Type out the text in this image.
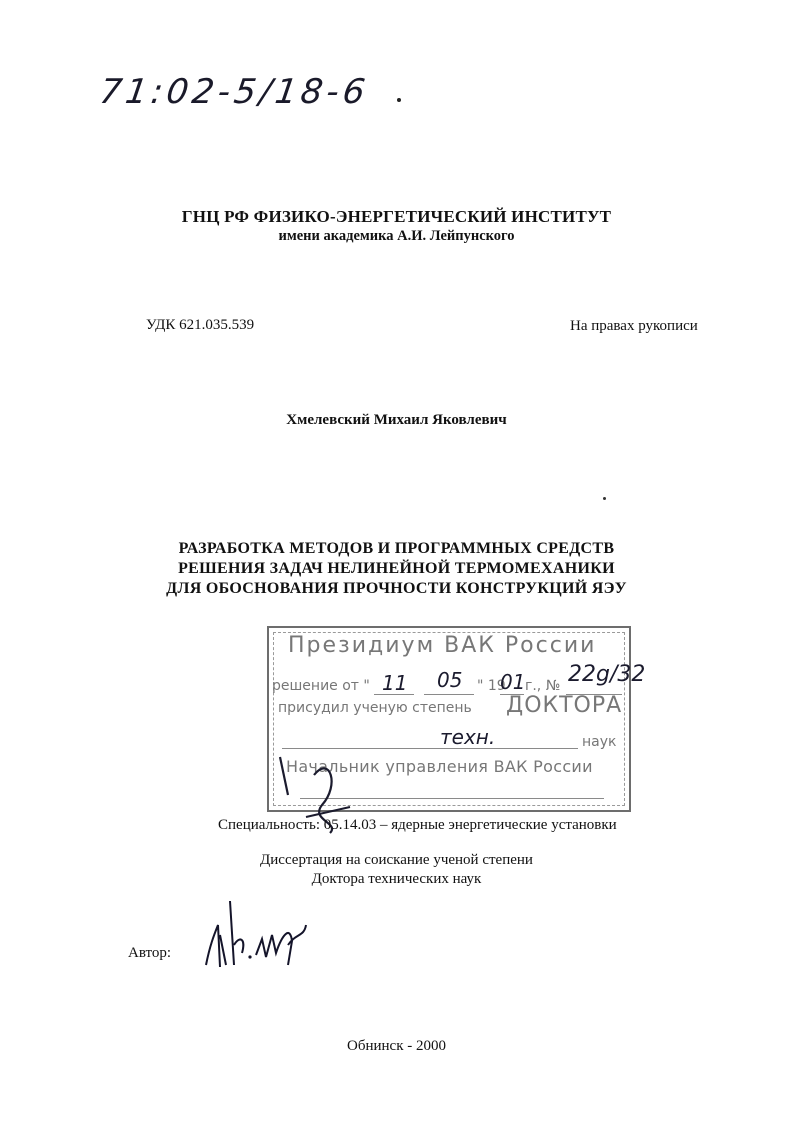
71:02-5/18-6
ГНЦ РФ ФИЗИКО-ЭНЕРГЕТИЧЕСКИЙ ИНСТИТУТ
имени академика А.И. Лейпунского
УДК 621.035.539	На правах рукописи
Хмелевский Михаил Яковлевич
РАЗРАБОТКА МЕТОДОВ И ПРОГРАММНЫХ СРЕДСТВ
РЕШЕНИЯ ЗАДАЧ НЕЛИНЕЙНОЙ ТЕРМОМЕХАНИКИ
ДЛЯ ОБОСНОВАНИЯ ПРОЧНОСТИ КОНСТРУКЦИЙ ЯЭУ
Президиум ВАК России
решение от "	" 19 г., №
присудил ученую степень ДОКТОРА
наук
Начальник управления ВАК России
11 05 01 22g/32
техн.
Специальность: 05.14.03 – ядерные энергетические установки
Диссертация на соискание ученой степени
Доктора технических наук
Автор:
Обнинск - 2000
